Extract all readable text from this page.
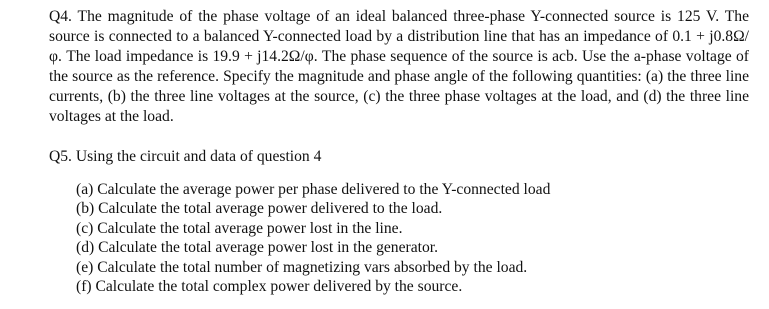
Q4. The magnitude of the phase voltage of an ideal balanced three-phase Y-connected source is 125 V. The source is connected to a balanced Y-connected load by a distribution line that has an impedance of 0.1 + j0.8Ω/φ. The load impedance is 19.9 + j14.2Ω/φ. The phase sequence of the source is acb. Use the a-phase voltage of the source as the reference. Specify the magnitude and phase angle of the following quantities: (a) the three line currents, (b) the three line voltages at the source, (c) the three phase voltages at the load, and (d) the three line voltages at the load.

Q5. Using the circuit and data of question 4

(a) Calculate the average power per phase delivered to the Y-connected load
(b) Calculate the total average power delivered to the load.
(c) Calculate the total average power lost in the line.
(d) Calculate the total average power lost in the generator.
(e) Calculate the total number of magnetizing vars absorbed by the load.
(f) Calculate the total complex power delivered by the source.
